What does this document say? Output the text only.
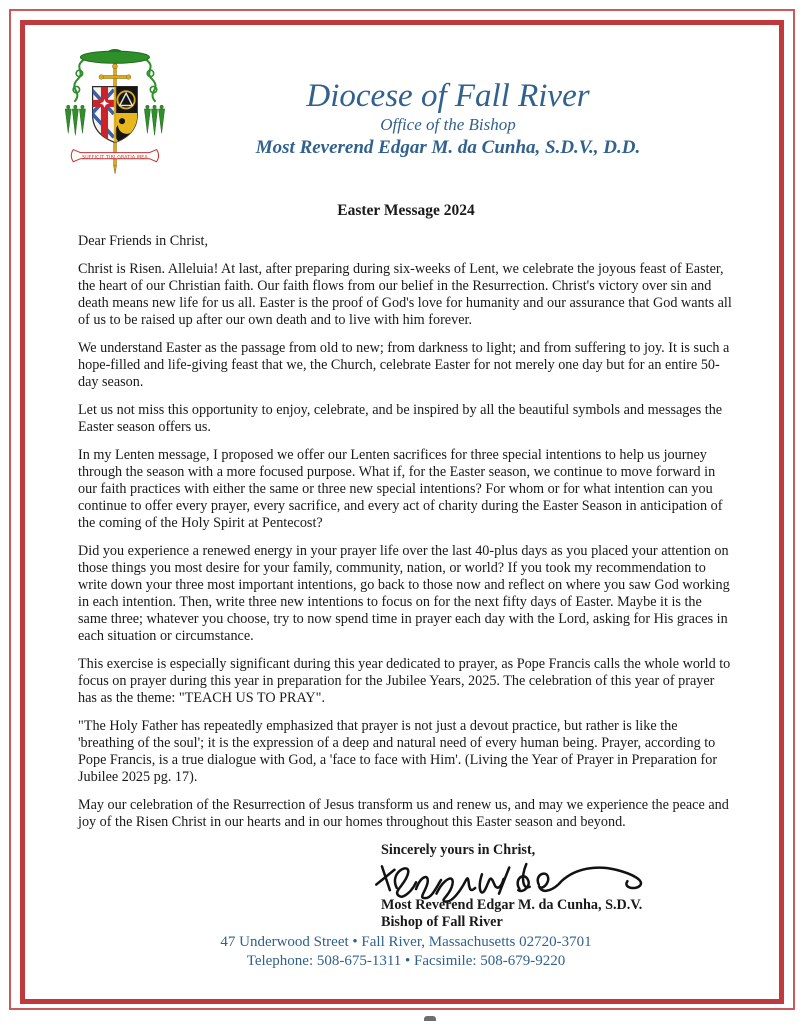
SUFFICIT TIBI GRATIA MEA
Diocese of Fall River
Office of the Bishop
Most Reverend Edgar M. da Cunha, S.D.V., D.D.
Easter Message 2024
Dear Friends in Christ,

Christ is Risen. Alleluia! At last, after preparing during six-weeks of Lent, we celebrate the joyous feast of Easter, the heart of our Christian faith. Our faith flows from our belief in the Resurrection. Christ's victory over sin and death means new life for us all. Easter is the proof of God's love for humanity and our assurance that God wants all of us to be raised up after our own death and to live with him forever.

We understand Easter as the passage from old to new; from darkness to light; and from suffering to joy. It is such a hope-filled and life-giving feast that we, the Church, celebrate Easter for not merely one day but for an entire 50-day season.

Let us not miss this opportunity to enjoy, celebrate, and be inspired by all the beautiful symbols and messages the Easter season offers us.

In my Lenten message, I proposed we offer our Lenten sacrifices for three special intentions to help us journey through the season with a more focused purpose. What if, for the Easter season, we continue to move forward in our faith practices with either the same or three new special intentions? For whom or for what intention can you continue to offer every prayer, every sacrifice, and every act of charity during the Easter Season in anticipation of the coming of the Holy Spirit at Pentecost?

Did you experience a renewed energy in your prayer life over the last 40-plus days as you placed your attention on those things you most desire for your family, community, nation, or world? If you took my recommendation to write down your three most important intentions, go back to those now and reflect on where you saw God working in each intention. Then, write three new intentions to focus on for the next fifty days of Easter. Maybe it is the same three; whatever you choose, try to now spend time in prayer each day with the Lord, asking for His graces in each situation or circumstance.

This exercise is especially significant during this year dedicated to prayer, as Pope Francis calls the whole world to focus on prayer during this year in preparation for the Jubilee Years, 2025. The celebration of this year of prayer has as the theme: "TEACH US TO PRAY".

"The Holy Father has repeatedly emphasized that prayer is not just a devout practice, but rather is like the 'breathing of the soul'; it is the expression of a deep and natural need of every human being. Prayer, according to Pope Francis, is a true dialogue with God, a 'face to face with Him'. (Living the Year of Prayer in Preparation for Jubilee 2025 pg. 17).

May our celebration of the Resurrection of Jesus transform us and renew us, and may we experience the peace and joy of the Risen Christ in our hearts and in our homes throughout this Easter season and beyond.

Sincerely yours in Christ,
Most Reverend Edgar M. da Cunha, S.D.V.
Bishop of Fall River
47 Underwood Street • Fall River, Massachusetts 02720-3701
Telephone: 508-675-1311 • Facsimile: 508-679-9220
